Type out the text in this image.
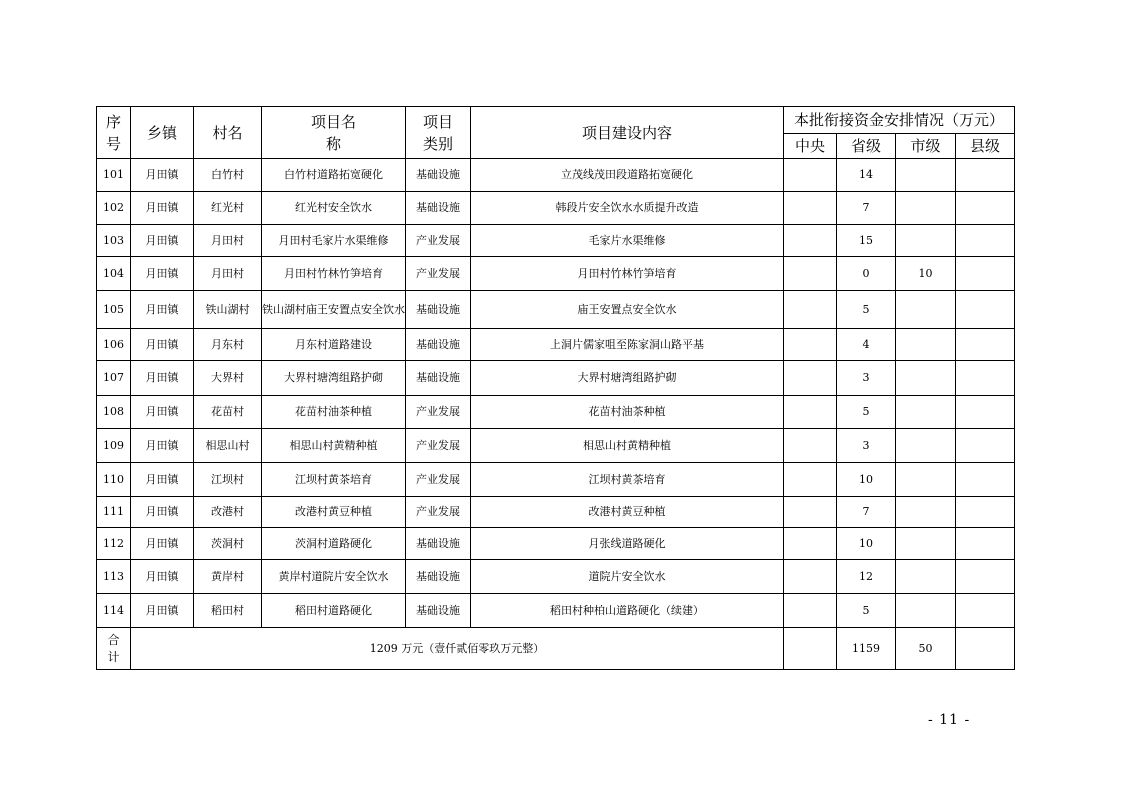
序号	乡镇	村名	项目名称	项目类别	项目建设内容	本批衔接资金安排情况（万元）			
						中央	省级	市级	县级
101	月田镇	白竹村	白竹村道路拓宽硬化	基础设施	立茂线茂田段道路拓宽硬化		14		
102	月田镇	红光村	红光村安全饮水	基础设施	韩段片安全饮水水质提升改造		7		
103	月田镇	月田村	月田村毛家片水渠维修	产业发展	毛家片水渠维修		15		
104	月田镇	月田村	月田村竹林竹笋培育	产业发展	月田村竹林竹笋培育		0	10	
105	月田镇	铁山湖村	铁山湖村庙王安置点安全饮水	基础设施	庙王安置点安全饮水		5		
106	月田镇	月东村	月东村道路建设	基础设施	上洞片儒家咀至陈家洞山路平基		4		
107	月田镇	大界村	大界村塘湾组路护砌	基础设施	大界村塘湾组路护砌		3		
108	月田镇	花苗村	花苗村油茶种植	产业发展	花苗村油茶种植		5		
109	月田镇	相思山村	相思山村黄精种植	产业发展	相思山村黄精种植		3		
110	月田镇	江坝村	江坝村黄茶培育	产业发展	江坝村黄茶培育		10		
111	月田镇	改港村	改港村黄豆种植	产业发展	改港村黄豆种植		7		
112	月田镇	茨洞村	茨洞村道路硬化	基础设施	月张线道路硬化		10		
113	月田镇	黄岸村	黄岸村道院片安全饮水	基础设施	道院片安全饮水		12		
114	月田镇	稻田村	稻田村道路硬化	基础设施	稻田村种柏山道路硬化（续建）		5		
合计	1209 万元（壹仟贰佰零玖万元整）						1159	50	
- 11 -
